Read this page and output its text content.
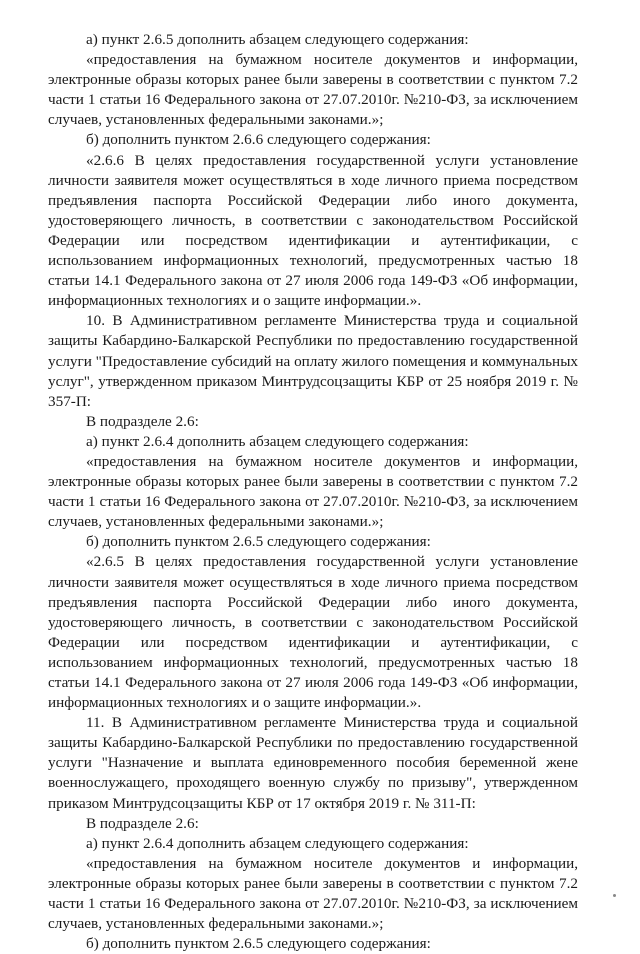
а) пункт 2.6.5 дополнить абзацем следующего содержания:

«предоставления на бумажном носителе документов и информации, электронные образы которых ранее были заверены в соответствии с пунктом 7.2 части 1 статьи 16 Федерального закона от 27.07.2010г. №210-ФЗ, за исключением случаев, установленных федеральными законами.»;

б) дополнить пунктом 2.6.6 следующего содержания:

«2.6.6 В целях предоставления государственной услуги установление личности заявителя может осуществляться в ходе личного приема посредством предъявления паспорта Российской Федерации либо иного документа, удостоверяющего личность, в соответствии с законодательством Российской Федерации или посредством идентификации и аутентификации, с использованием информационных технологий, предусмотренных частью 18 статьи 14.1 Федерального закона от 27 июля 2006 года 149-ФЗ «Об информации, информационных технологиях и о защите информации.».

10. В Административном регламенте Министерства труда и социальной защиты Кабардино-Балкарской Республики по предоставлению государственной услуги "Предоставление субсидий на оплату жилого помещения и коммунальных услуг", утвержденном приказом Минтрудсоцзащиты КБР от 25 ноября 2019 г. № 357-П:

В подразделе 2.6:

а) пункт 2.6.4 дополнить абзацем следующего содержания:

«предоставления на бумажном носителе документов и информации, электронные образы которых ранее были заверены в соответствии с пунктом 7.2 части 1 статьи 16 Федерального закона от 27.07.2010г. №210-ФЗ, за исключением случаев, установленных федеральными законами.»;

б) дополнить пунктом 2.6.5 следующего содержания:

«2.6.5 В целях предоставления государственной услуги установление личности заявителя может осуществляться в ходе личного приема посредством предъявления паспорта Российской Федерации либо иного документа, удостоверяющего личность, в соответствии с законодательством Российской Федерации или посредством идентификации и аутентификации, с использованием информационных технологий, предусмотренных частью 18 статьи 14.1 Федерального закона от 27 июля 2006 года 149-ФЗ «Об информации, информационных технологиях и о защите информации.».

11. В Административном регламенте Министерства труда и социальной защиты Кабардино-Балкарской Республики по предоставлению государственной услуги "Назначение и выплата единовременного пособия беременной жене военнослужащего, проходящего военную службу по призыву", утвержденном приказом Минтрудсоцзащиты КБР от 17 октября 2019 г. № 311-П:

В подразделе 2.6:

а) пункт 2.6.4 дополнить абзацем следующего содержания:

«предоставления на бумажном носителе документов и информации, электронные образы которых ранее были заверены в соответствии с пунктом 7.2 части 1 статьи 16 Федерального закона от 27.07.2010г. №210-ФЗ, за исключением случаев, установленных федеральными законами.»;

б) дополнить пунктом 2.6.5 следующего содержания:
